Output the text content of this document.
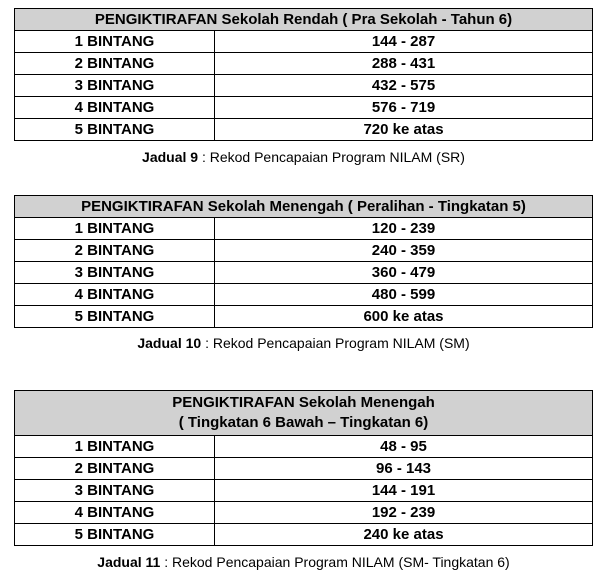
PENGIKTIRAFAN Sekolah Rendah ( Pra Sekolah - Tahun 6)	
1 BINTANG	144 - 287
2 BINTANG	288 - 431
3 BINTANG	432 - 575
4 BINTANG	576 - 719
5 BINTANG	720 ke atas
Jadual 9 : Rekod Pencapaian Program NILAM (SR)
PENGIKTIRAFAN Sekolah Menengah ( Peralihan - Tingkatan 5)	
1 BINTANG	120 - 239
2 BINTANG	240 - 359
3 BINTANG	360 - 479
4 BINTANG	480 - 599
5 BINTANG	600 ke atas
Jadual 10 : Rekod Pencapaian Program NILAM (SM)
PENGIKTIRAFAN Sekolah Menengah
( Tingkatan 6 Bawah – Tingkatan 6)	

1 BINTANG	48 - 95
2 BINTANG	96 - 143
3 BINTANG	144 - 191
4 BINTANG	192 - 239
5 BINTANG	240 ke atas
Jadual 11 : Rekod Pencapaian Program NILAM (SM- Tingkatan 6)
